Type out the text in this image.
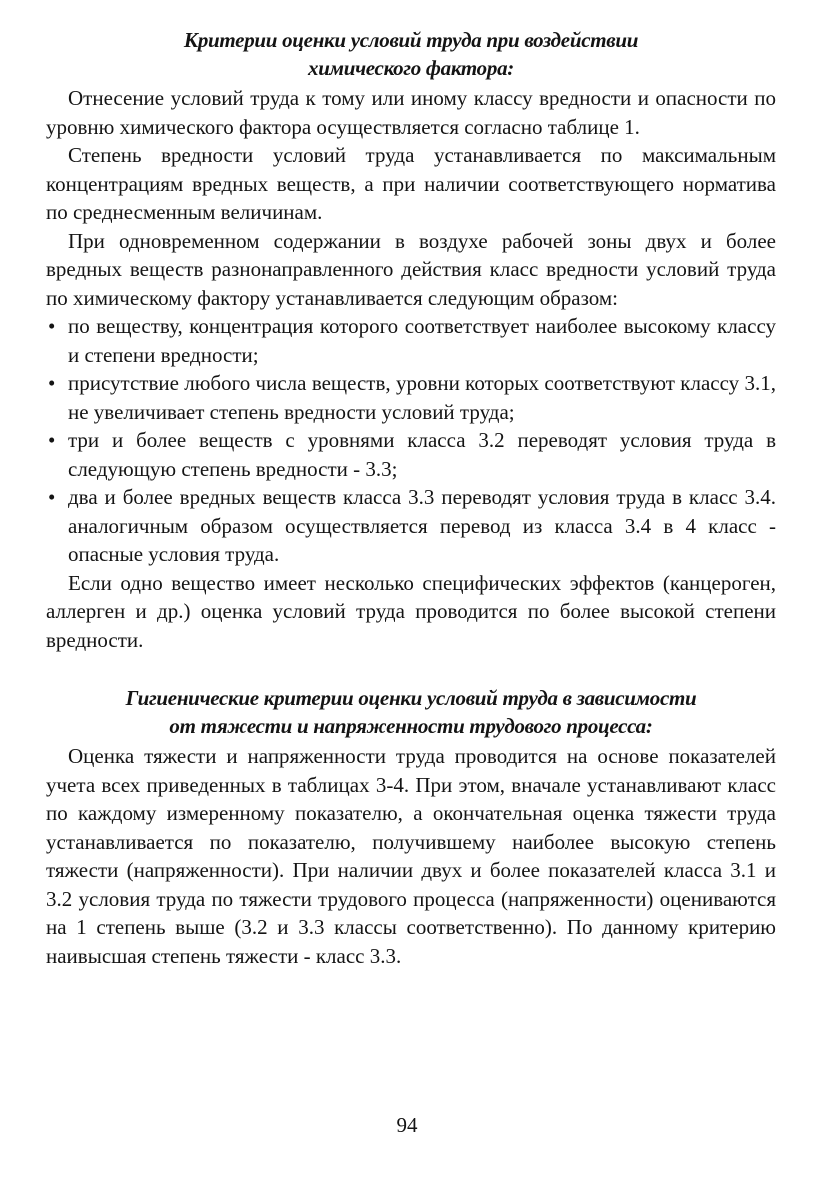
Критерии оценки условий труда при воздействии
химического фактора:

Отнесение условий труда к тому или иному классу вредности и опасности по уровню химического фактора осуществляется согласно таблице 1.

Степень вредности условий труда устанавливается по максимальным концентрациям вредных веществ, а при наличии соответствующего норматива по среднесменным величинам.

При одновременном содержании в воздухе рабочей зоны двух и более вредных веществ разнонаправленного действия класс вредности условий труда по химическому фактору устанавливается следующим образом:

• по веществу, концентрация которого соответствует наиболее высокому классу и степени вредности;
• присутствие любого числа веществ, уровни которых соответствуют классу 3.1, не увеличивает степень вредности условий труда;
• три и более веществ с уровнями класса 3.2 переводят условия труда в следующую степень вредности - 3.3;
• два и более вредных веществ класса 3.3 переводят условия труда в класс 3.4. аналогичным образом осуществляется перевод из класса 3.4 в 4 класс - опасные условия труда.

Если одно вещество имеет несколько специфических эффектов (канцероген, аллерген и др.) оценка условий труда проводится по более высокой степени вредности.

Гигиенические критерии оценки условий труда в зависимости
от тяжести и напряженности трудового процесса:

Оценка тяжести и напряженности труда проводится на основе показателей учета всех приведенных в таблицах 3-4. При этом, вначале устанавливают класс по каждому измеренному показателю, а окончательная оценка тяжести труда устанавливается по показателю, получившему наиболее высокую степень тяжести (напряженности). При наличии двух и более показателей класса 3.1 и 3.2 условия труда по тяжести трудового процесса (напряженности) оцениваются на 1 степень выше (3.2 и 3.3 классы соответственно). По данному критерию наивысшая степень тяжести - класс 3.3.

94
